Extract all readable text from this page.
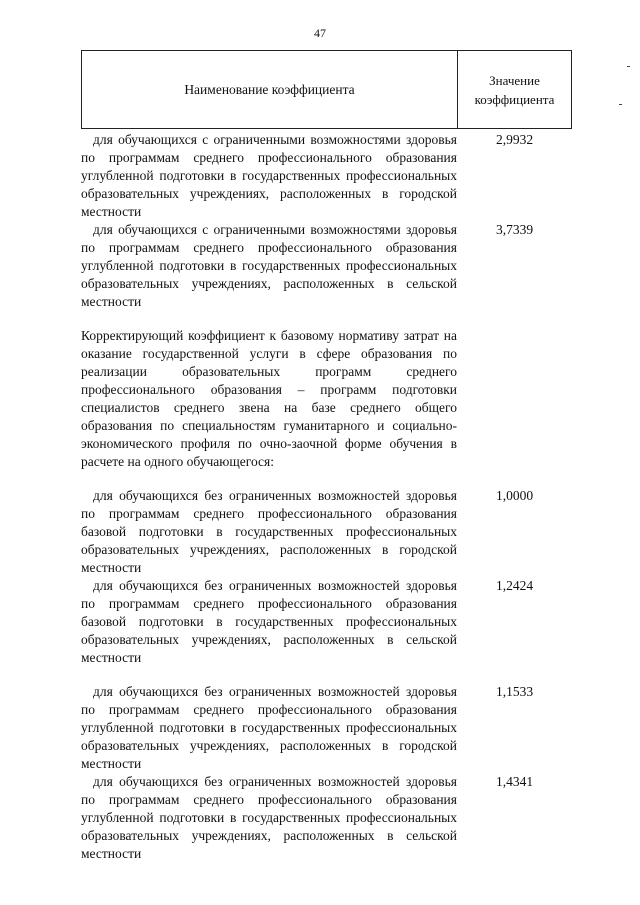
47
Наименование коэффициента
Значение
коэффициента
для обучающихся с ограниченными возможностями здоровья по программам среднего профессионального образования углубленной подготовки в государственных профессиональных образовательных учреждениях, расположенных в городской местности
2,9932
для обучающихся с ограниченными возможностями здоровья по программам среднего профессионального образования углубленной подготовки в государственных профессиональных образовательных учреждениях, расположенных в сельской местности
3,7339
Корректирующий коэффициент к базовому нормативу затрат на оказание государственной услуги в сфере образования по реализации образовательных программ среднего профессионального образования – программ подготовки специалистов среднего звена на базе среднего общего образования по специальностям гуманитарного и социально-экономического профиля по очно-заочной форме обучения в расчете на одного обучающегося:
для обучающихся без ограниченных возможностей здоровья по программам среднего профессионального образования базовой подготовки в государственных профессиональных образовательных учреждениях, расположенных в городской местности
1,0000
для обучающихся без ограниченных возможностей здоровья по программам среднего профессионального образования базовой подготовки в государственных профессиональных образовательных учреждениях, расположенных в сельской местности
1,2424
для обучающихся без ограниченных возможностей здоровья по программам среднего профессионального образования углубленной подготовки в государственных профессиональных образовательных учреждениях, расположенных в городской местности
1,1533
для обучающихся без ограниченных возможностей здоровья по программам среднего профессионального образования углубленной подготовки в государственных профессиональных образовательных учреждениях, расположенных в сельской местности
1,4341
